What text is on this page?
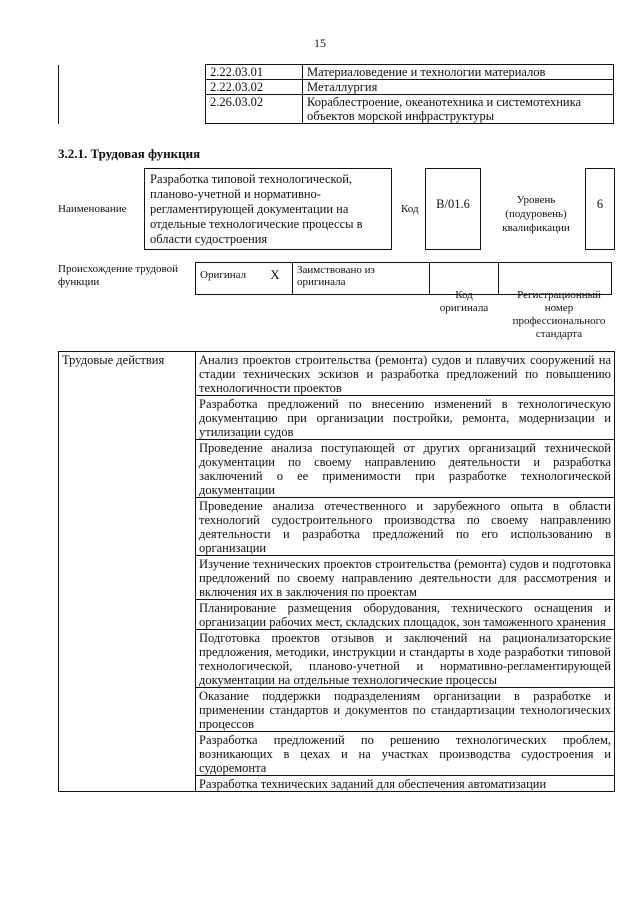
15
	2.22.03.01	Материаловедение и технологии материалов
	2.22.03.02	Металлургия
	2.26.03.02	Кораблестроение, океанотехника и системотехника объектов морской инфраструктуры
3.2.1. Трудовая функция
Наименование
Разработка типовой технологической, планово-учетной и нормативно-регламентирующей документации на отдельные технологические процессы в области судостроения
Код	В/01.6	Уровень (подуровень) квалификации
6
Происхождение трудовой функции
Оригинал	X	Заимствовано из оригинала		
Код оригинала
Регистрационный номер профессионального стандарта
Трудовые действия	Анализ проектов строительства (ремонта) судов и плавучих сооружений на стадии технических эскизов и разработка предложений по повышению технологичности проектов
Разработка предложений по внесению изменений в технологическую документацию при организации постройки, ремонта, модернизации и утилизации судов
Проведение анализа поступающей от других организаций технической документации по своему направлению деятельности и разработка заключений о ее применимости при разработке технологической документации
Проведение анализа отечественного и зарубежного опыта в области технологий судостроительного производства по своему направлению деятельности и разработка предложений по его использованию в организации
Изучение технических проектов строительства (ремонта) судов и подготовка предложений по своему направлению деятельности для рассмотрения и включения их в заключения по проектам
Планирование размещения оборудования, технического оснащения и организации рабочих мест, складских площадок, зон таможенного хранения
Подготовка проектов отзывов и заключений на рационализаторские предложения, методики, инструкции и стандарты в ходе разработки типовой технологической, планово-учетной и нормативно-регламентирующей документации на отдельные технологические процессы
Оказание поддержки подразделениям организации в разработке и применении стандартов и документов по стандартизации технологических процессов
Разработка предложений по решению технологических проблем, возникающих в цехах и на участках производства судостроения и судоремонта
Разработка технических заданий для обеспечения автоматизации
